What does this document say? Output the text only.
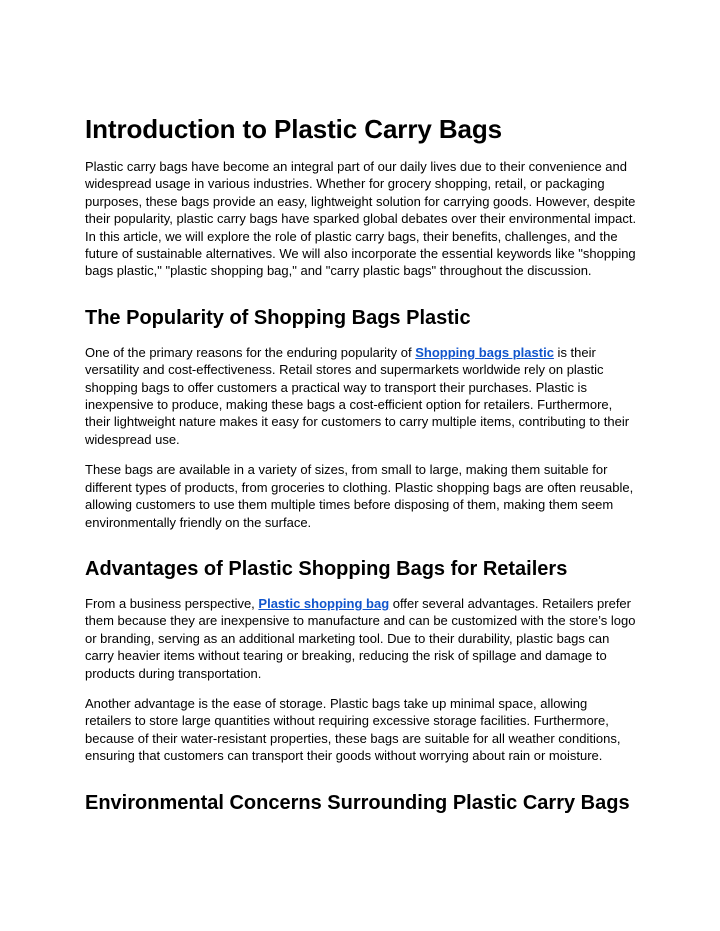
Introduction to Plastic Carry Bags

Plastic carry bags have become an integral part of our daily lives due to their convenience and widespread usage in various industries. Whether for grocery shopping, retail, or packaging purposes, these bags provide an easy, lightweight solution for carrying goods. However, despite their popularity, plastic carry bags have sparked global debates over their environmental impact. In this article, we will explore the role of plastic carry bags, their benefits, challenges, and the future of sustainable alternatives. We will also incorporate the essential keywords like "shopping bags plastic," "plastic shopping bag," and "carry plastic bags" throughout the discussion.

The Popularity of Shopping Bags Plastic

One of the primary reasons for the enduring popularity of Shopping bags plastic is their versatility and cost-effectiveness. Retail stores and supermarkets worldwide rely on plastic shopping bags to offer customers a practical way to transport their purchases. Plastic is inexpensive to produce, making these bags a cost-efficient option for retailers. Furthermore, their lightweight nature makes it easy for customers to carry multiple items, contributing to their widespread use.

These bags are available in a variety of sizes, from small to large, making them suitable for different types of products, from groceries to clothing. Plastic shopping bags are often reusable, allowing customers to use them multiple times before disposing of them, making them seem environmentally friendly on the surface.

Advantages of Plastic Shopping Bags for Retailers

From a business perspective, Plastic shopping bag offer several advantages. Retailers prefer them because they are inexpensive to manufacture and can be customized with the store’s logo or branding, serving as an additional marketing tool. Due to their durability, plastic bags can carry heavier items without tearing or breaking, reducing the risk of spillage and damage to products during transportation.

Another advantage is the ease of storage. Plastic bags take up minimal space, allowing retailers to store large quantities without requiring excessive storage facilities. Furthermore, because of their water-resistant properties, these bags are suitable for all weather conditions, ensuring that customers can transport their goods without worrying about rain or moisture.

Environmental Concerns Surrounding Plastic Carry Bags
